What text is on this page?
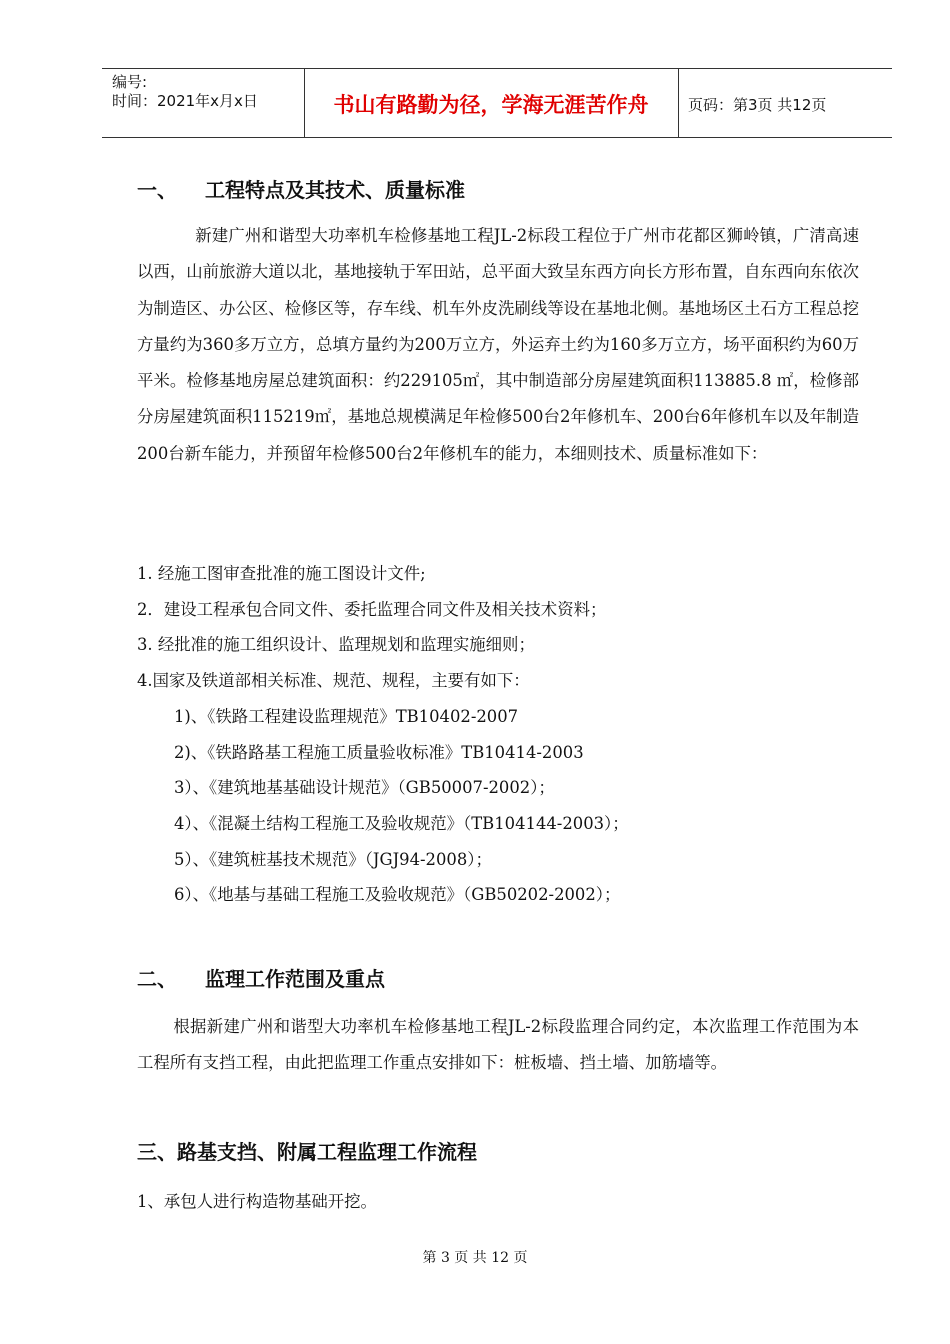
编号:
时间：2021年x月x日	书山有路勤为径，学海无涯苦作舟	页码：第3页 共12页
一、 工程特点及其技术、质量标准
新建广州和谐型大功率机车检修基地工程JL-2标段工程位于广州市花都区狮岭镇，广清高速以西，山前旅游大道以北，基地接轨于军田站，总平面大致呈东西方向长方形布置，自东西向东依次为制造区、办公区、检修区等，存车线、机车外皮洗刷线等设在基地北侧。基地场区土石方工程总挖方量约为360多万立方，总填方量约为200万立方，外运弃土约为160多万立方，场平面积约为60万平米。检修基地房屋总建筑面积：约229105㎡，其中制造部分房屋建筑面积113885.8 ㎡，检修部分房屋建筑面积115219㎡，基地总规模满足年检修500台2年修机车、200台6年修机车以及年制造200台新车能力，并预留年检修500台2年修机车的能力，本细则技术、质量标准如下：
1. 经施工图审查批准的施工图设计文件;
2．建设工程承包合同文件、委托监理合同文件及相关技术资料；
3. 经批准的施工组织设计、监理规划和监理实施细则；
4.国家及铁道部相关标准、规范、规程，主要有如下：
1)、《铁路工程建设监理规范》TB10402-2007
2)、《铁路路基工程施工质量验收标准》TB10414-2003
3）、《建筑地基基础设计规范》（GB50007-2002）；
4）、《混凝土结构工程施工及验收规范》（TB104144-2003）；
5）、《建筑桩基技术规范》（JGJ94-2008）；
6）、《地基与基础工程施工及验收规范》（GB50202-2002）；
二、 监理工作范围及重点
根据新建广州和谐型大功率机车检修基地工程JL-2标段监理合同约定，本次监理工作范围为本工程所有支挡工程，由此把监理工作重点安排如下：桩板墙、挡土墙、加筋墙等。
三、路基支挡、附属工程监理工作流程
1、承包人进行构造物基础开挖。
第 3 页 共 12 页
